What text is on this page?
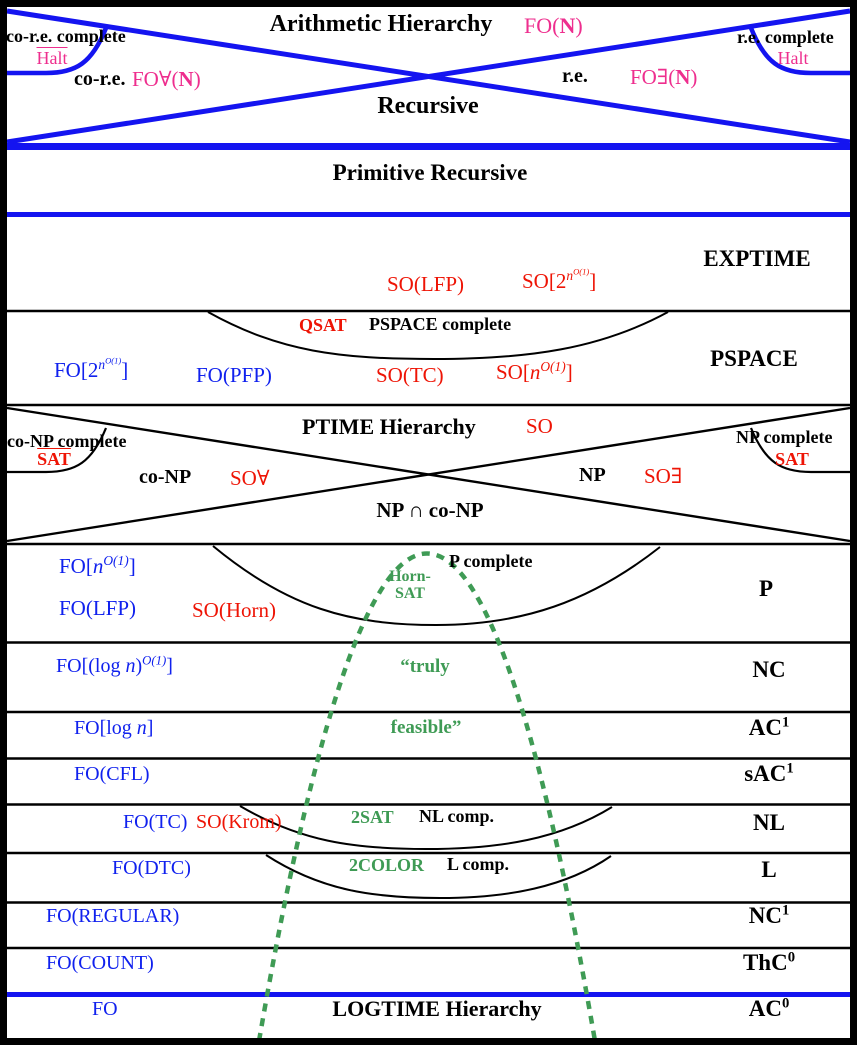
Arithmetic Hierarchy FO(N)
co-r.e. complete
Halt
co-r.e. FO∀(N)	r.e. FO∃(N)
r.e. complete
Halt
Recursive
Primitive Recursive
SO(LFP)	$SO[2^{n^{O(1)}}]$
EXPTIME
QSAT PSPACE complete
$FO[2^{n^{O(1)}}]$	FO(PFP)	SO(TC) $SO[n^{O(1)}]$
PSPACE
PTIME Hierarchy SO
co-NP complete
$\overline{SAT}$
co-NP SO∀	NP SO∃
NP complete
SAT
NP ∩ co-NP
$FO[n^{O(1)}]$
FO(LFP)	SO(Horn)
Horn-
SAT
P complete
P
FO[(log n)$^{O(1)}$]	“truly	NC
FO[log n]	feasible”	$AC^1$
FO(CFL)	sAC$^1$
FO(TC) SO(Krom)	2SAT NL comp.	NL
FO(DTC)	2COLOR L comp.	L
FO(REGULAR)	$NC^1$
FO(COUNT)	ThC$^0$
FO	LOGTIME Hierarchy	$AC^0$
